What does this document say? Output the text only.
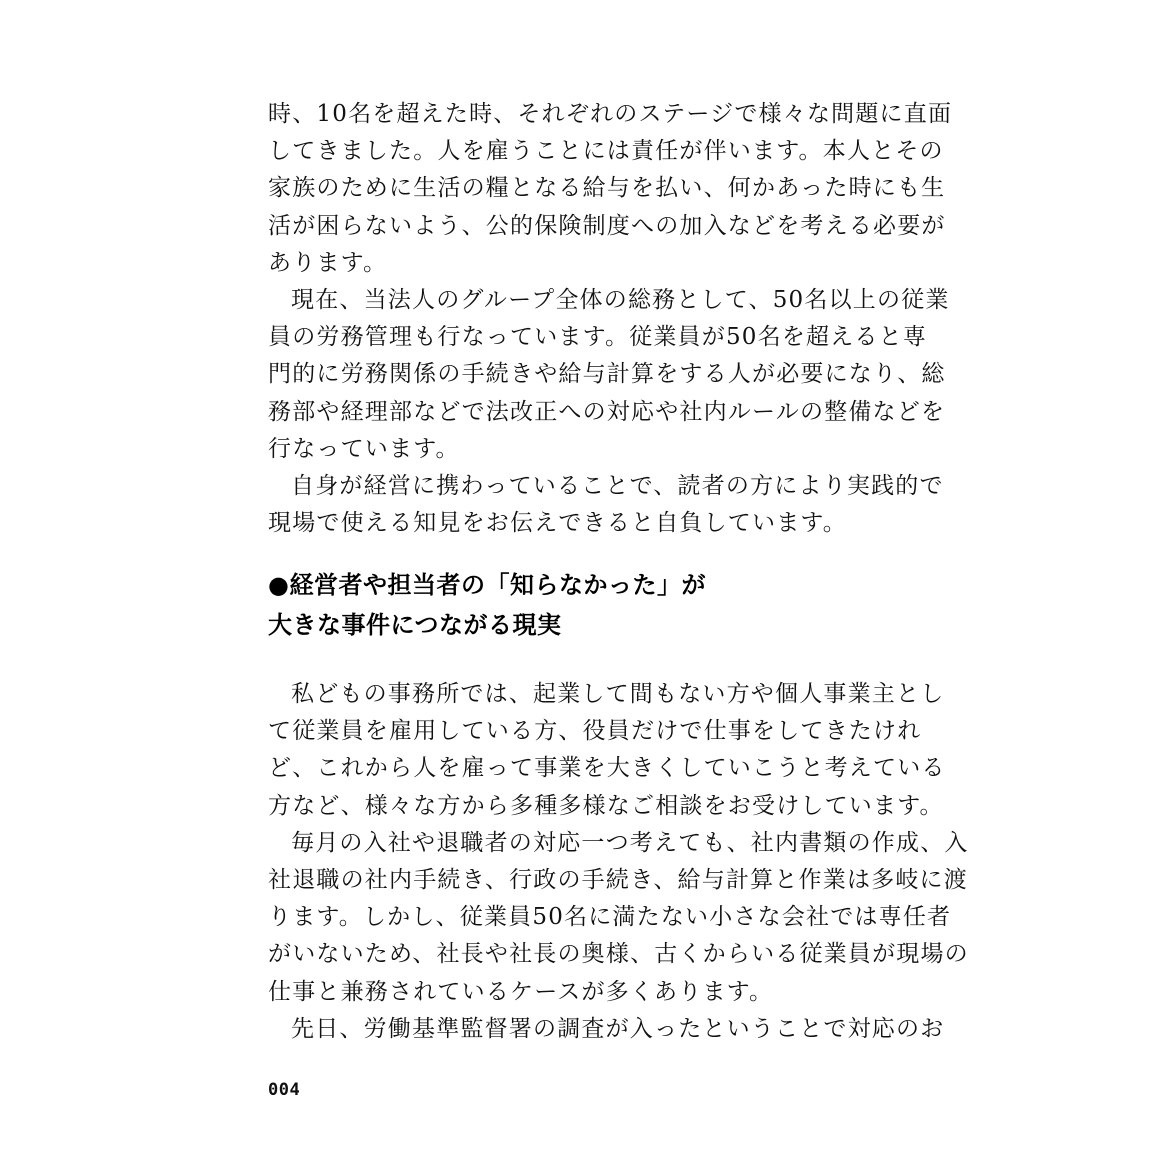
時、10名を超えた時、それぞれのステージで様々な問題に直面
してきました。人を雇うことには責任が伴います。本人とその
家族のために生活の糧となる給与を払い、何かあった時にも生
活が困らないよう、公的保険制度への加入などを考える必要が
あります。
現在、当法人のグループ全体の総務として、50名以上の従業
員の労務管理も行なっています。従業員が50名を超えると専
門的に労務関係の手続きや給与計算をする人が必要になり、総
務部や経理部などで法改正への対応や社内ルールの整備などを
行なっています。
自身が経営に携わっていることで、読者の方により実践的で
現場で使える知見をお伝えできると自負しています。
●経営者や担当者の「知らなかった」が
大きな事件につながる現実
私どもの事務所では、起業して間もない方や個人事業主とし
て従業員を雇用している方、役員だけで仕事をしてきたけれ
ど、これから人を雇って事業を大きくしていこうと考えている
方など、様々な方から多種多様なご相談をお受けしています。
毎月の入社や退職者の対応一つ考えても、社内書類の作成、入
社退職の社内手続き、行政の手続き、給与計算と作業は多岐に渡
ります。しかし、従業員50名に満たない小さな会社では専任者
がいないため、社長や社長の奥様、古くからいる従業員が現場の
仕事と兼務されているケースが多くあります。
先日、労働基準監督署の調査が入ったということで対応のお
004
